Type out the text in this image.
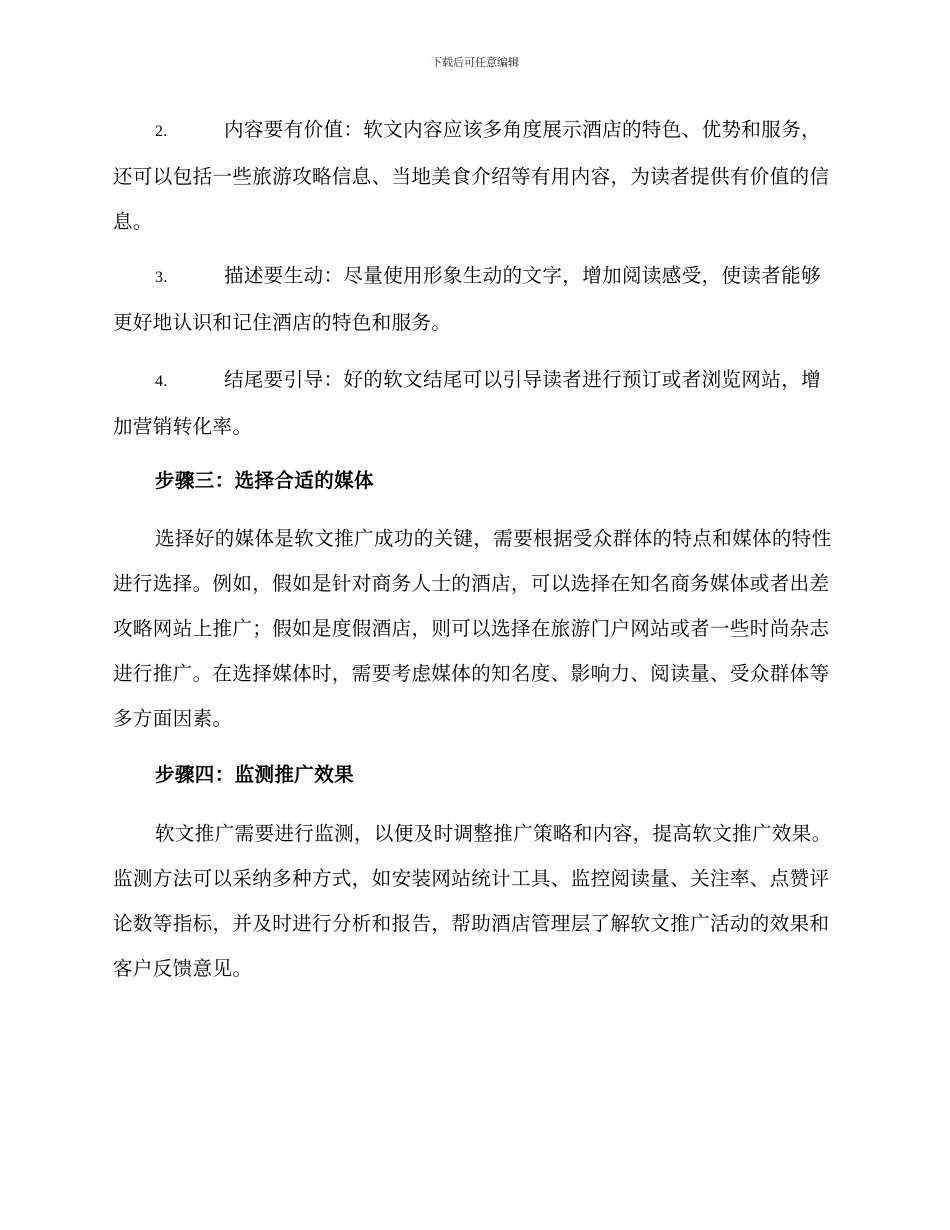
下载后可任意编辑
2.	内容要有价值：软文内容应该多角度展示酒店的特色、优势和服务，还可以包括一些旅游攻略信息、当地美食介绍等有用内容，为读者提供有价值的信息。
3.	描述要生动：尽量使用形象生动的文字，增加阅读感受，使读者能够更好地认识和记住酒店的特色和服务。
4.	结尾要引导：好的软文结尾可以引导读者进行预订或者浏览网站，增加营销转化率。
步骤三：选择合适的媒体
选择好的媒体是软文推广成功的关键，需要根据受众群体的特点和媒体的特性进行选择。例如，假如是针对商务人士的酒店，可以选择在知名商务媒体或者出差攻略网站上推广；假如是度假酒店，则可以选择在旅游门户网站或者一些时尚杂志进行推广。在选择媒体时，需要考虑媒体的知名度、影响力、阅读量、受众群体等多方面因素。
步骤四：监测推广效果
软文推广需要进行监测，以便及时调整推广策略和内容，提高软文推广效果。监测方法可以采纳多种方式，如安装网站统计工具、监控阅读量、关注率、点赞评论数等指标，并及时进行分析和报告，帮助酒店管理层了解软文推广活动的效果和客户反馈意见。
